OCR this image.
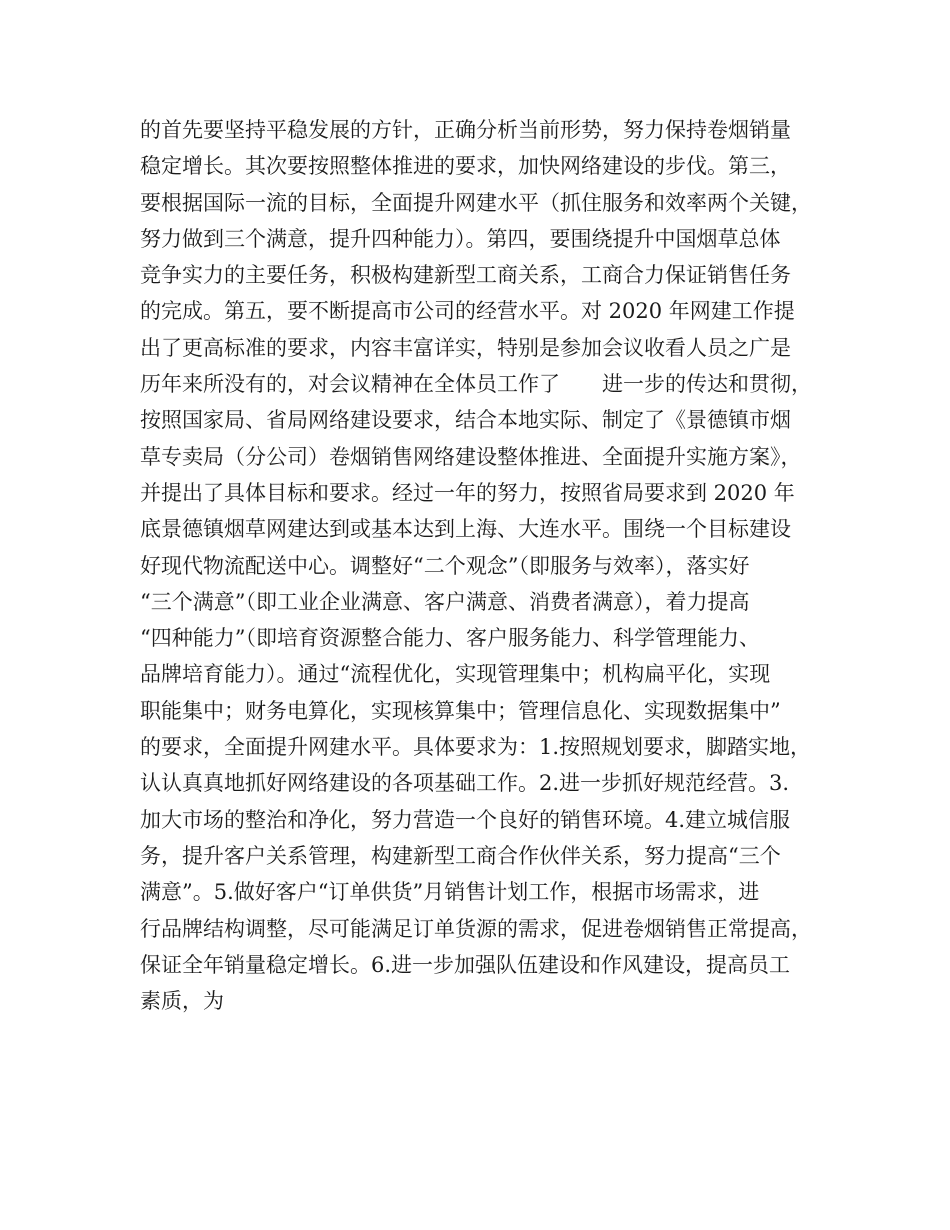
的首先要坚持平稳发展的方针，正确分析当前形势，努力保持卷烟销量
稳定增长。其次要按照整体推进的要求，加快网络建设的步伐。第三，
要根据国际一流的目标，全面提升网建水平（抓住服务和效率两个关键，
努力做到三个满意，提升四种能力）。第四，要围绕提升中国烟草总体
竞争实力的主要任务，积极构建新型工商关系，工商合力保证销售任务
的完成。第五，要不断提高市公司的经营水平。对 2020 年网建工作提
出了更高标准的要求，内容丰富详实，特别是参加会议收看人员之广是
历年来所没有的，对会议精神在全体员工作了　　进一步的传达和贯彻，
按照国家局、省局网络建设要求，结合本地实际、制定了《景德镇市烟
草专卖局（分公司）卷烟销售网络建设整体推进、全面提升实施方案》，
并提出了具体目标和要求。经过一年的努力，按照省局要求到 2020 年
底景德镇烟草网建达到或基本达到上海、大连水平。围绕一个目标建设
好现代物流配送中心。调整好“二个观念”（即服务与效率），落实好
“三个满意”（即工业企业满意、客户满意、消费者满意），着力提高
“四种能力”（即培育资源整合能力、客户服务能力、科学管理能力、
品牌培育能力）。通过“流程优化，实现管理集中；机构扁平化，实现
职能集中；财务电算化，实现核算集中；管理信息化、实现数据集中”
的要求，全面提升网建水平。具体要求为：1.按照规划要求，脚踏实地，
认认真真地抓好网络建设的各项基础工作。2.进一步抓好规范经营。3.
加大市场的整治和净化，努力营造一个良好的销售环境。4.建立城信服
务，提升客户关系管理，构建新型工商合作伙伴关系，努力提高“三个
满意”。5.做好客户“订单供货”月销售计划工作，根据市场需求，进
行品牌结构调整，尽可能满足订单货源的需求，促进卷烟销售正常提高，
保证全年销量稳定增长。6.进一步加强队伍建设和作风建设，提高员工
素质，为
